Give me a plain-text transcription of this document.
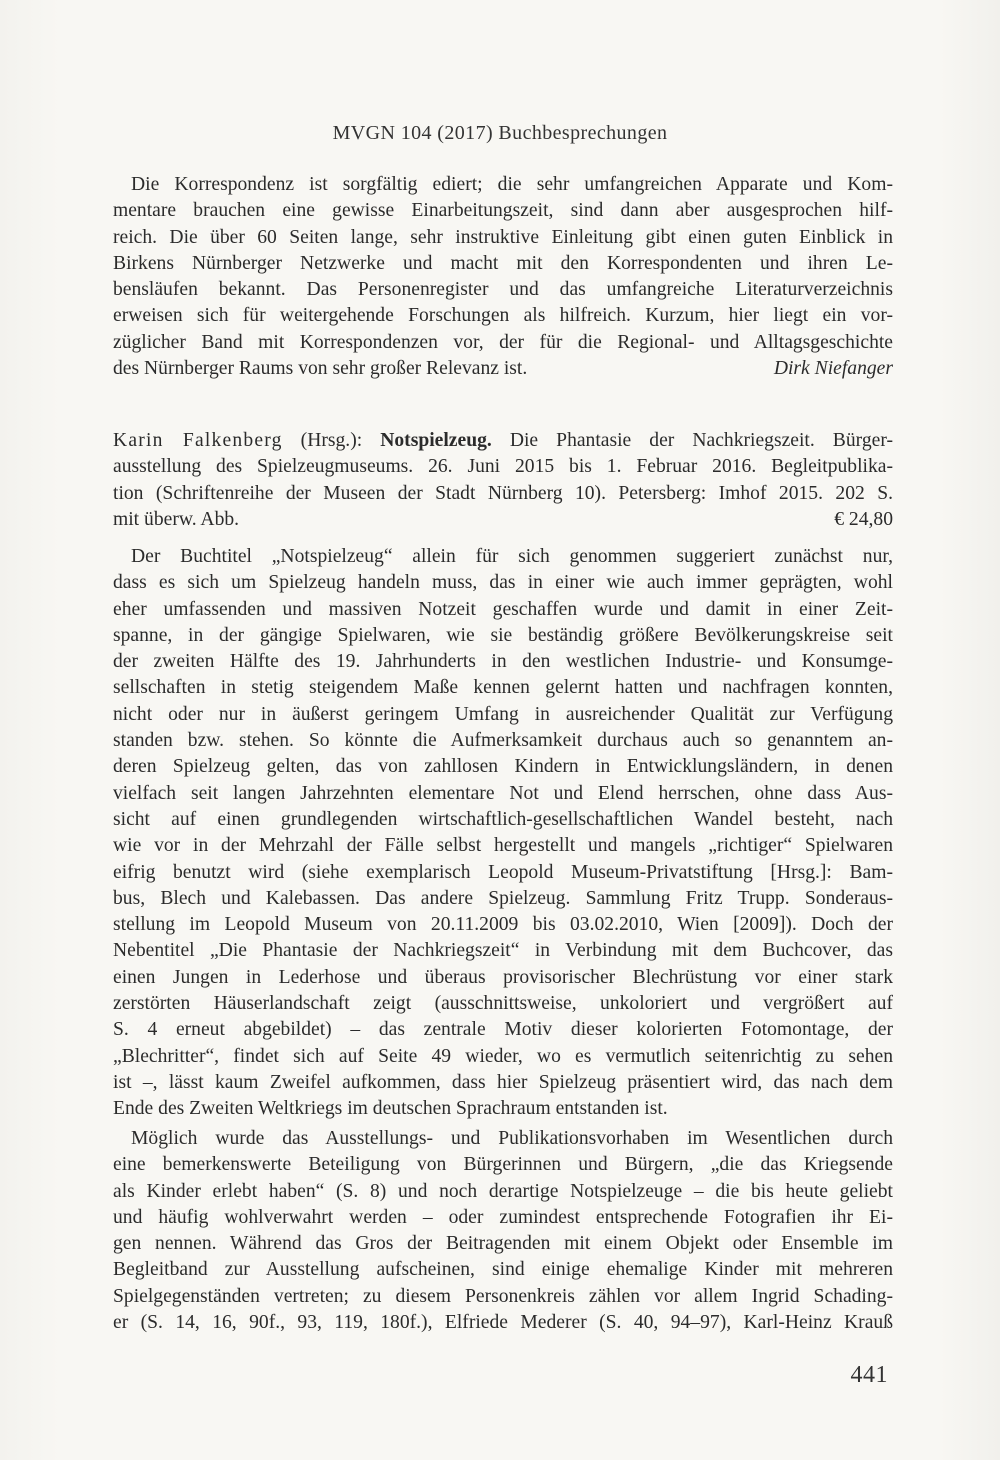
MVGN 104 (2017) Buchbesprechungen
Die Korrespondenz ist sorgfältig ediert; die sehr umfangreichen Apparate und Kom-
mentare brauchen eine gewisse Einarbeitungszeit, sind dann aber ausgesprochen hilf-
reich. Die über 60 Seiten lange, sehr instruktive Einleitung gibt einen guten Einblick in
Birkens Nürnberger Netzwerke und macht mit den Korrespondenten und ihren Le-
bensläufen bekannt. Das Personenregister und das umfangreiche Literaturverzeichnis
erweisen sich für weitergehende Forschungen als hilfreich. Kurzum, hier liegt ein vor-
züglicher Band mit Korrespondenzen vor, der für die Regional- und Alltagsgeschichte
des Nürnberger Raums von sehr großer Relevanz ist.	Dirk Niefanger
Karin Falkenberg (Hrsg.): Notspielzeug. Die Phantasie der Nachkriegszeit. Bürger-
ausstellung des Spielzeugmuseums. 26. Juni 2015 bis 1. Februar 2016. Begleitpublika-
tion (Schriftenreihe der Museen der Stadt Nürnberg 10). Petersberg: Imhof 2015. 202 S.
mit überw. Abb.	€ 24,80
Der Buchtitel „Notspielzeug“ allein für sich genommen suggeriert zunächst nur,
dass es sich um Spielzeug handeln muss, das in einer wie auch immer geprägten, wohl
eher umfassenden und massiven Notzeit geschaffen wurde und damit in einer Zeit-
spanne, in der gängige Spielwaren, wie sie beständig größere Bevölkerungskreise seit
der zweiten Hälfte des 19. Jahrhunderts in den westlichen Industrie- und Konsumge-
sellschaften in stetig steigendem Maße kennen gelernt hatten und nachfragen konnten,
nicht oder nur in äußerst geringem Umfang in ausreichender Qualität zur Verfügung
standen bzw. stehen. So könnte die Aufmerksamkeit durchaus auch so genanntem an-
deren Spielzeug gelten, das von zahllosen Kindern in Entwicklungsländern, in denen
vielfach seit langen Jahrzehnten elementare Not und Elend herrschen, ohne dass Aus-
sicht auf einen grundlegenden wirtschaftlich-gesellschaftlichen Wandel besteht, nach
wie vor in der Mehrzahl der Fälle selbst hergestellt und mangels „richtiger“ Spielwaren
eifrig benutzt wird (siehe exemplarisch Leopold Museum-Privatstiftung [Hrsg.]: Bam-
bus, Blech und Kalebassen. Das andere Spielzeug. Sammlung Fritz Trupp. Sonderaus-
stellung im Leopold Museum von 20.11.2009 bis 03.02.2010, Wien [2009]). Doch der
Nebentitel „Die Phantasie der Nachkriegszeit“ in Verbindung mit dem Buchcover, das
einen Jungen in Lederhose und überaus provisorischer Blechrüstung vor einer stark
zerstörten Häuserlandschaft zeigt (ausschnittsweise, unkoloriert und vergrößert auf
S. 4 erneut abgebildet) – das zentrale Motiv dieser kolorierten Fotomontage, der
„Blechritter“, findet sich auf Seite 49 wieder, wo es vermutlich seitenrichtig zu sehen
ist –, lässt kaum Zweifel aufkommen, dass hier Spielzeug präsentiert wird, das nach dem
Ende des Zweiten Weltkriegs im deutschen Sprachraum entstanden ist.
Möglich wurde das Ausstellungs- und Publikationsvorhaben im Wesentlichen durch
eine bemerkenswerte Beteiligung von Bürgerinnen und Bürgern, „die das Kriegsende
als Kinder erlebt haben“ (S. 8) und noch derartige Notspielzeuge – die bis heute geliebt
und häufig wohlverwahrt werden – oder zumindest entsprechende Fotografien ihr Ei-
gen nennen. Während das Gros der Beitragenden mit einem Objekt oder Ensemble im
Begleitband zur Ausstellung aufscheinen, sind einige ehemalige Kinder mit mehreren
Spielgegenständen vertreten; zu diesem Personenkreis zählen vor allem Ingrid Schading-
er (S. 14, 16, 90f., 93, 119, 180f.), Elfriede Mederer (S. 40, 94–97), Karl-Heinz Krauß
441
